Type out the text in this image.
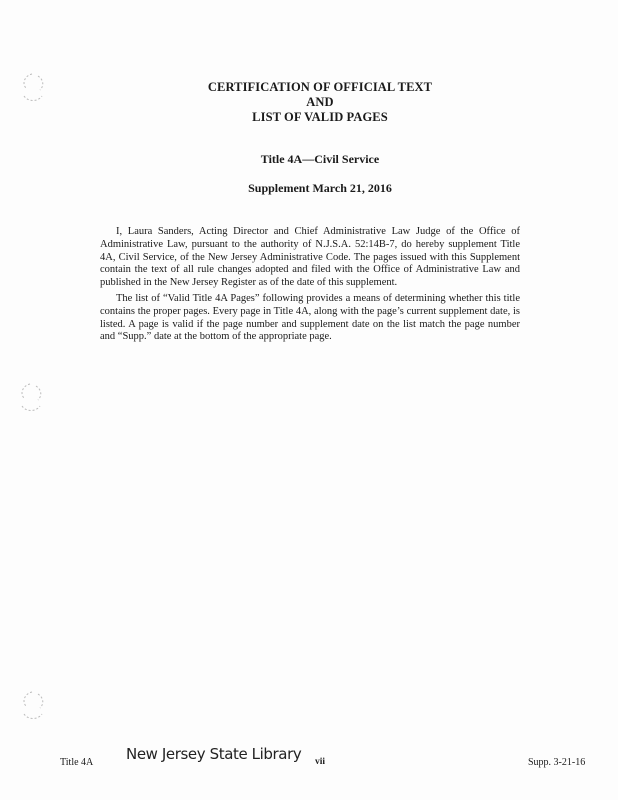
CERTIFICATION OF OFFICIAL TEXT
AND
LIST OF VALID PAGES
Title 4A—Civil Service
Supplement March 21, 2016

I, Laura Sanders, Acting Director and Chief Administrative Law Judge of the Office of Administrative Law, pursuant to the authority of N.J.S.A. 52:14B-7, do hereby supplement Title 4A, Civil Service, of the New Jersey Administrative Code. The pages issued with this Supplement contain the text of all rule changes adopted and filed with the Office of Administrative Law and published in the New Jersey Register as of the date of this supplement.

The list of “Valid Title 4A Pages” following provides a means of determining whether this title contains the proper pages. Every page in Title 4A, along with the page’s current supplement date, is listed. A page is valid if the page number and supplement date on the list match the page number and “Supp.” date at the bottom of the appropriate page.

Title 4A New Jersey State Library vii	Supp. 3-21-16
